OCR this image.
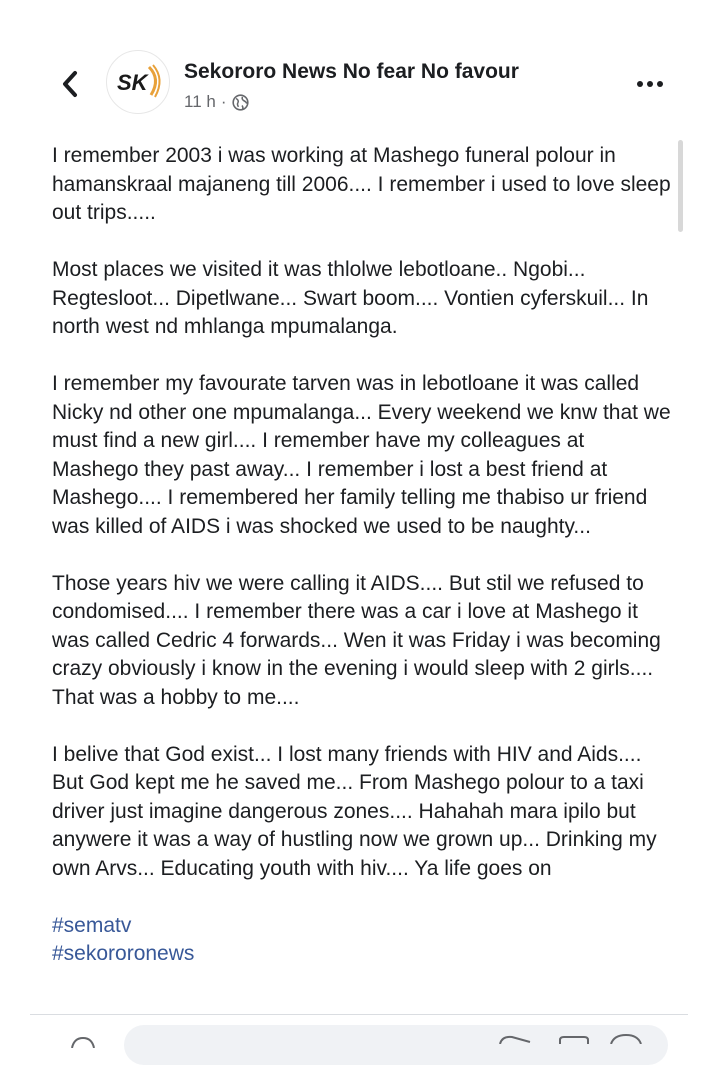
SK Sekororo News No fear No favour
11 h ·

I remember 2003 i was working at Mashego funeral polour in hamanskraal majaneng till 2006.... I remember i used to love sleep out trips.....

Most places we visited it was thlolwe lebotloane.. Ngobi... Regtesloot... Dipetlwane... Swart boom.... Vontien cyferskuil... In north west nd mhlanga mpumalanga.

I remember my favourate tarven was in lebotloane it was called Nicky nd other one mpumalanga... Every weekend we knw that we must find a new girl.... I remember have my colleagues at Mashego they past away... I remember i lost a best friend at Mashego.... I remembered her family telling me thabiso ur friend was killed of AIDS i was shocked we used to be naughty...

Those years hiv we were calling it AIDS.... But stil we refused to condomised.... I remember there was a car i love at Mashego it was called Cedric 4 forwards... Wen it was Friday i was becoming crazy obviously i know in the evening i would sleep with 2 girls.... That was a hobby to me....

I belive that God exist... I lost many friends with HIV and Aids.... But God kept me he saved me... From Mashego polour to a taxi driver just imagine dangerous zones.... Hahahah mara ipilo but anywere it was a way of hustling now we grown up... Drinking my own Arvs... Educating youth with hiv.... Ya life goes on

#sematv
#sekororonews
